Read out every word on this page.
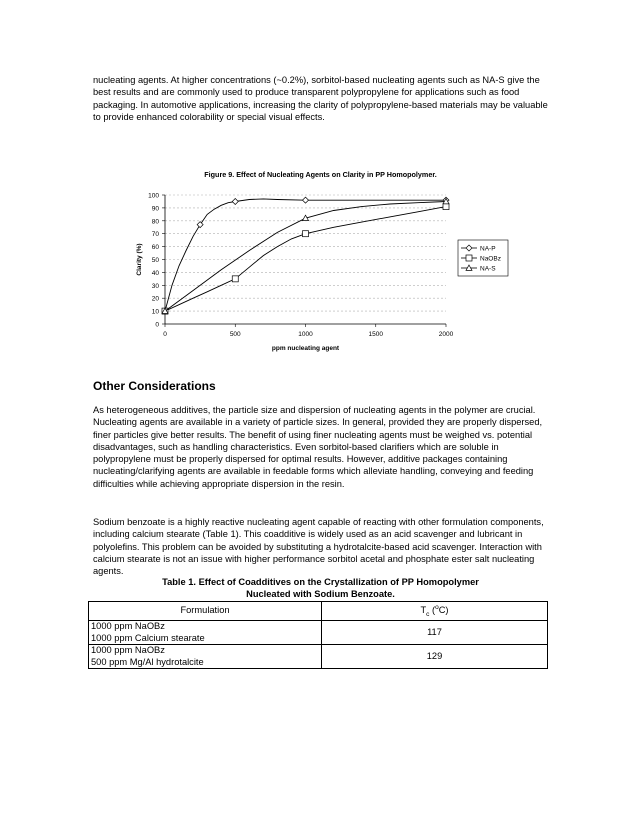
nucleating agents. At higher concentrations (~0.2%), sorbitol-based nucleating agents such as NA-S give the best results and are commonly used to produce transparent polypropylene for applications such as food packaging. In automotive applications, increasing the clarity of polypropylene-based materials may be valuable to provide enhanced colorability or special visual effects.

Figure 9. Effect of Nucleating Agents on Clarity in PP Homopolymer.
0
10
20
30
40
50
60
70
80
90
100
0	500	1000	1500	2000
ppm nucleating agent
Clarity (%)	NA-P
NaOBz
NA-S
Other Considerations

As heterogeneous additives, the particle size and dispersion of nucleating agents in the polymer are crucial. Nucleating agents are available in a variety of particle sizes. In general, provided they are properly dispersed, finer particles give better results. The benefit of using finer nucleating agents must be weighed vs. potential disadvantages, such as handling characteristics. Even sorbitol-based clarifiers which are soluble in polypropylene must be properly dispersed for optimal results. However, additive packages containing nucleating/clarifying agents are available in feedable forms which alleviate handling, conveying and feeding difficulties while achieving appropriate dispersion in the resin.

Sodium benzoate is a highly reactive nucleating agent capable of reacting with other formulation components, including calcium stearate (Table 1). This coadditive is widely used as an acid scavenger and lubricant in polyolefins. This problem can be avoided by substituting a hydrotalcite-based acid scavenger. Interaction with calcium stearate is not an issue with higher performance sorbitol acetal and phosphate ester salt nucleating agents.

Table 1. Effect of Coadditives on the Crystallization of PP Homopolymer
Nucleated with Sodium Benzoate.
Formulation	$T_c$ ($^o$C)

1000 ppm NaOBz
1000 ppm Calcium stearate	117

1000 ppm NaOBz
500 ppm Mg/Al hydrotalcite	129
